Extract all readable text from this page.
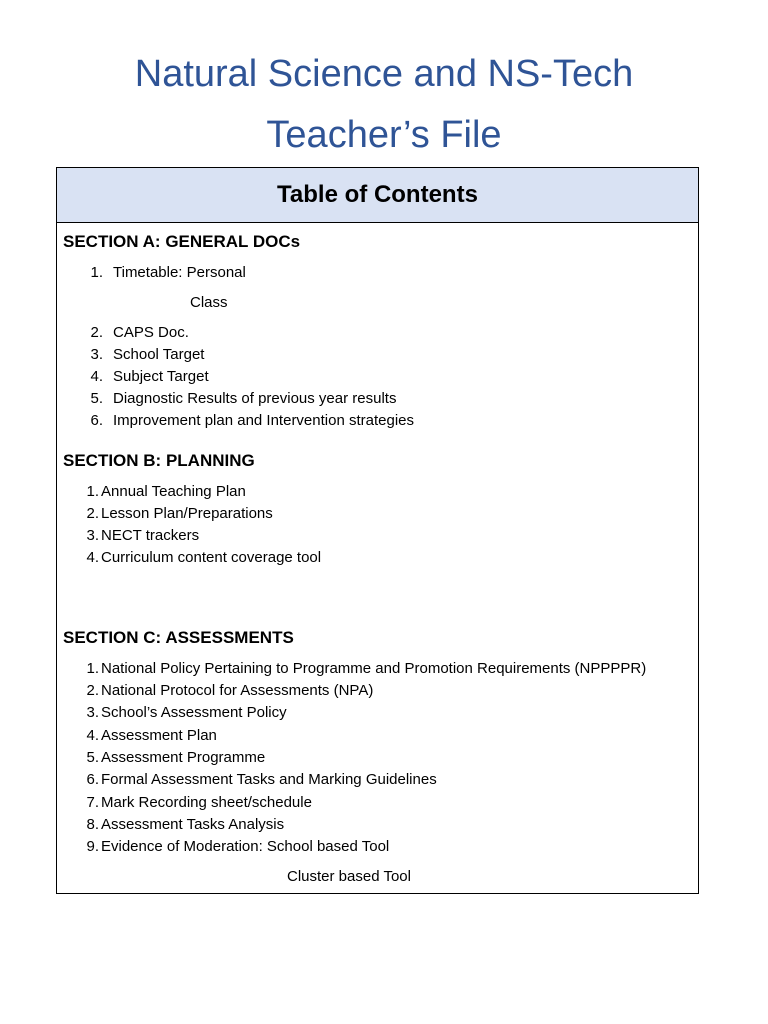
Natural Science and NS-Tech
Teacher’s File
Table of Contents
SECTION A: GENERAL DOCs
1. Timetable: Personal
Class
2. CAPS Doc.
3. School Target
4. Subject Target
5. Diagnostic Results of previous year results
6. Improvement plan and Intervention strategies
SECTION B: PLANNING
1. Annual Teaching Plan
2. Lesson Plan/Preparations
3. NECT trackers
4. Curriculum content coverage tool
SECTION C: ASSESSMENTS
1. National Policy Pertaining to Programme and Promotion Requirements (NPPPPR)
2. National Protocol for Assessments (NPA)
3. School’s Assessment Policy
4. Assessment Plan
5. Assessment Programme
6. Formal Assessment Tasks and Marking Guidelines
7. Mark Recording sheet/schedule
8. Assessment Tasks Analysis
9. Evidence of Moderation: School based Tool
Cluster based Tool
